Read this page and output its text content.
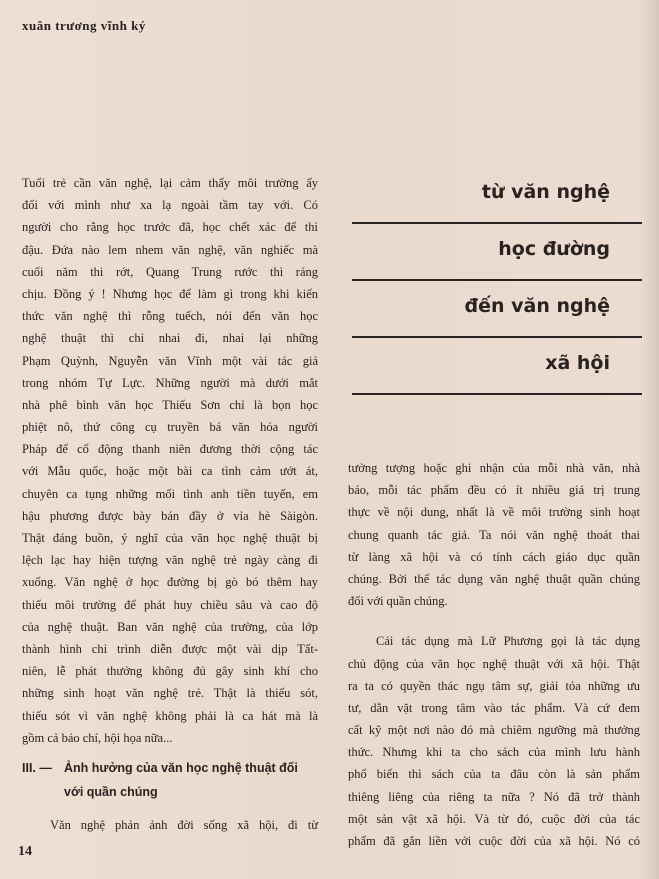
xuân trương vĩnh ký
Tuổi trẻ cần văn nghệ, lại cảm thấy môi trường ấy
đối với mình như xa lạ ngoài tầm tay với. Có
người cho rằng học trước đã, học chết xác để thi
đậu. Đứa nào lem nhem văn nghệ, văn nghiếc mà
cuối năm thi rớt, Quang Trung rước thì ráng
chịu. Đồng ý ! Nhưng học để làm gì trong khi kiến
thức văn nghệ thì rỗng tuếch, nói đến văn học
nghệ thuật thì chỉ nhai đi, nhai lại những
Phạm Quỳnh, Nguyễn văn Vĩnh một vài tác giả
trong nhóm Tự Lực. Những người mà dưới mắt
nhà phê bình văn học Thiếu Sơn chỉ là bọn học
phiệt nô, thứ công cụ truyền bá văn hóa người
Pháp để cổ động thanh niên đương thời cộng tác
với Mẫu quốc, hoặc một bài ca tình cảm ướt át,
chuyên ca tụng những mối tình anh tiền tuyến, em
hậu phương được bày bán đầy ở vỉa hè Sàigòn.
Thật đáng buồn, ý nghĩ của văn học nghệ thuật bị
lệch lạc hay hiện tượng văn nghệ trẻ ngày càng đi
xuống. Văn nghệ ở học đường bị gò bó thêm hay
thiếu môi trường để phát huy chiều sâu và cao độ
của nghệ thuật. Ban văn nghệ của trường, của lớp
thành hình chỉ trình diễn được một vài dịp Tất-
niên, lễ phát thưởng không đủ gây sinh khí cho
những sinh hoạt văn nghệ trẻ. Thật là thiếu sót,
thiếu sót vì văn nghệ không phải là ca hát mà là
gồm cả báo chí, hội họa nữa...
III. — Ảnh hưởng của văn học nghệ thuật đối
với quần chúng
Văn nghệ phản ảnh đời sống xã hội, đi từ
14
từ văn nghệ
học đường
đến văn nghệ
xã hội
tưởng tượng hoặc ghi nhận của mỗi nhà văn, nhà
báo, mỗi tác phẩm đều có ít nhiều giá trị trung
thực về nội dung, nhất là về môi trường sinh hoạt
chung quanh tác giả. Ta nói văn nghệ thoát thai
từ làng xã hội và có tính cách giáo dục quần
chúng. Bởi thế tác dụng văn nghệ thuật quần chúng
đối với quần chúng.
Cái tác dụng mà Lữ Phương gọi là tác dụng
chủ động của văn học nghệ thuật với xã hội. Thật
ra ta có quyền thác ngụ tâm sự, giải tỏa những ưu
tư, dằn vặt trong tâm vào tác phẩm. Và cứ đem
cất kỹ một nơi nào đó mà chiêm ngưỡng mà thưởng
thức. Nhưng khi ta cho sách của mình lưu hành
phổ biến thì sách của ta đâu còn là sản phẩm
thiêng liêng của riêng ta nữa ? Nó đã trở thành
một sản vật xã hội. Và từ đó, cuộc đời của tác
phẩm đã gắn liền với cuộc đời của xã hội. Nó có
